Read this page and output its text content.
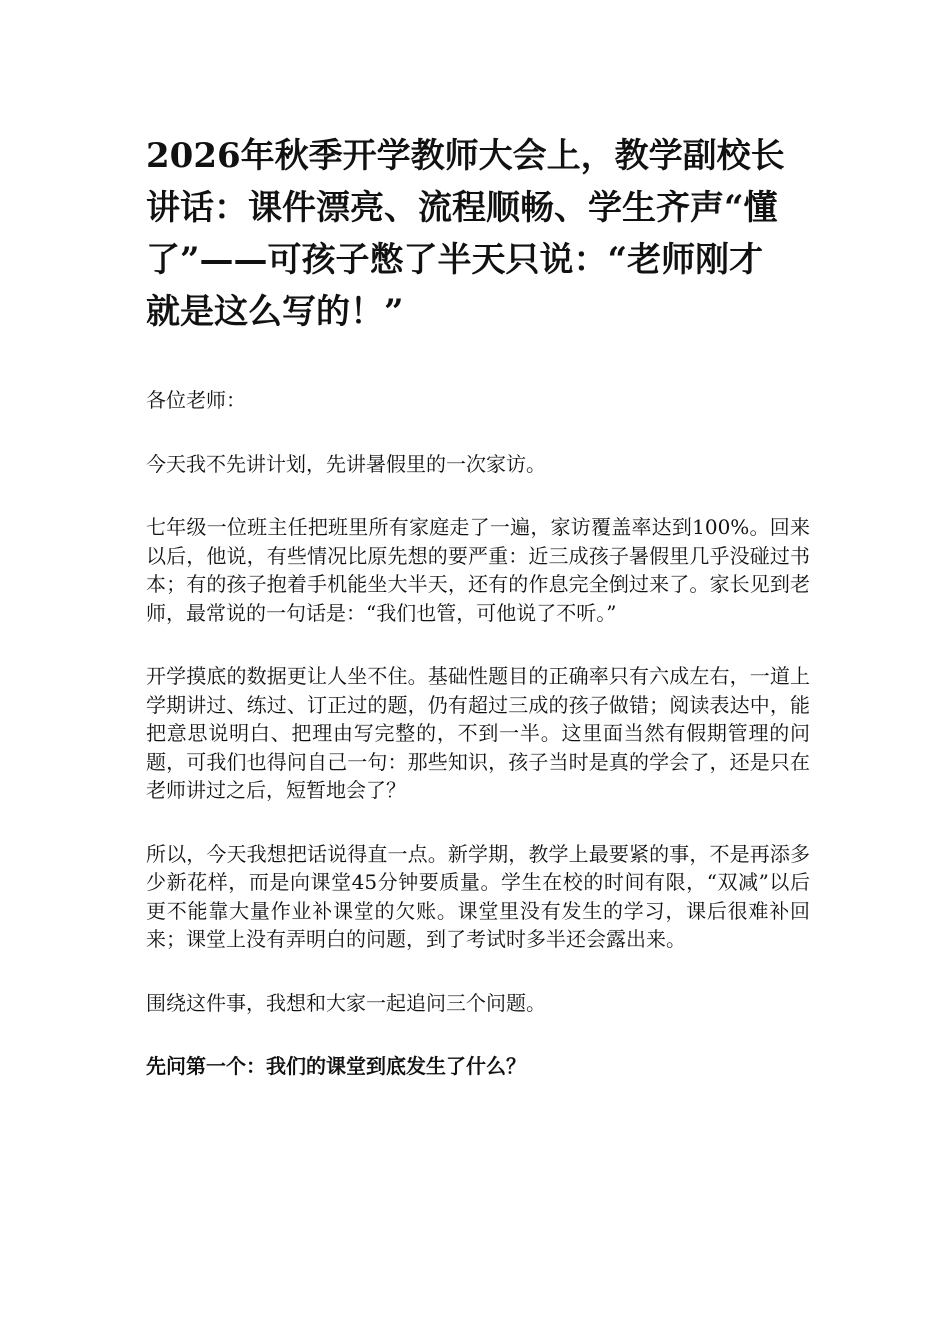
2026年秋季开学教师大会上，教学副校长讲话：课件漂亮、流程顺畅、学生齐声“懂了”——可孩子憋了半天只说：“老师刚才就是这么写的！”

各位老师：

今天我不先讲计划，先讲暑假里的一次家访。

七年级一位班主任把班里所有家庭走了一遍，家访覆盖率达到100%。回来以后，他说，有些情况比原先想的要严重：近三成孩子暑假里几乎没碰过书本；有的孩子抱着手机能坐大半天，还有的作息完全倒过来了。家长见到老师，最常说的一句话是：“我们也管，可他说了不听。”

开学摸底的数据更让人坐不住。基础性题目的正确率只有六成左右，一道上学期讲过、练过、订正过的题，仍有超过三成的孩子做错；阅读表达中，能把意思说明白、把理由写完整的，不到一半。这里面当然有假期管理的问题，可我们也得问自己一句：那些知识，孩子当时是真的学会了，还是只在老师讲过之后，短暂地会了？

所以，今天我想把话说得直一点。新学期，教学上最要紧的事，不是再添多少新花样，而是向课堂45分钟要质量。学生在校的时间有限，“双减”以后更不能靠大量作业补课堂的欠账。课堂里没有发生的学习，课后很难补回来；课堂上没有弄明白的问题，到了考试时多半还会露出来。

围绕这件事，我想和大家一起追问三个问题。

先问第一个：我们的课堂到底发生了什么？
